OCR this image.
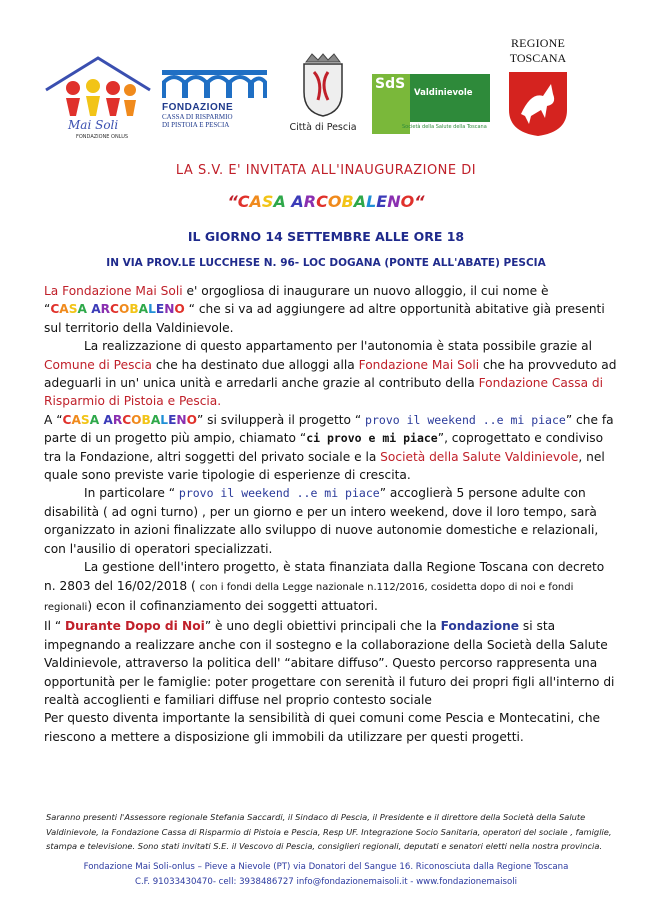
Mai Soli
FONDAZIONE ONLUS
FONDAZIONE
CASSA DI RISPARMIO
DI PISTOIA E PESCIA	Città di Pescia
SdS
Valdinievole
Società della Salute della Toscana
REGIONE
TOSCANA
LA S.V. E' INVITATA ALL'INAUGURAZIONE DI
“CASA ARCOBALENO“
IL GIORNO 14 SETTEMBRE ALLE ORE 18
IN VIA PROV.LE LUCCHESE N. 96- LOC DOGANA (PONTE ALL'ABATE) PESCIA

La Fondazione Mai Soli e' orgogliosa di inaugurare un nuovo alloggio, il cui nome è
“CASA ARCOBALENO “ che si va ad aggiungere ad altre opportunità abitative già presenti sul territorio della Valdinievole.

La realizzazione di questo appartamento per l'autonomia è stata possibile grazie al Comune di Pescia che ha destinato due alloggi alla Fondazione Mai Soli che ha provveduto ad adeguarli in un' unica unità e arredarli anche grazie al contributo della Fondazione Cassa di Risparmio di Pistoia e Pescia.

A “CASA ARCOBALENO” si svilupperà il progetto “ provo il weekend ..e mi piace” che fa parte di un progetto più ampio, chiamato “ci provo e mi piace”, coprogettato e condiviso tra la Fondazione, altri soggetti del privato sociale e la Società della Salute Valdinievole, nel quale sono previste varie tipologie di esperienze di crescita.

In particolare “ provo il weekend ..e mi piace” accoglierà 5 persone adulte con disabilità ( ad ogni turno) , per un giorno e per un intero weekend, dove il loro tempo, sarà organizzato in azioni finalizzate allo sviluppo di nuove autonomie domestiche e relazionali, con l'ausilio di operatori specializzati.

La gestione dell'intero progetto, è stata finanziata dalla Regione Toscana con decreto n. 2803 del 16/02/2018 ( con i fondi della Legge nazionale n.112/2016, cosidetta dopo di noi e fondi regionali) econ il cofinanziamento dei soggetti attuatori.

Il “ Durante Dopo di Noi” è uno degli obiettivi principali che la Fondazione si sta impegnando a realizzare anche con il sostegno e la collaborazione della Società della Salute Valdinievole, attraverso la politica dell' “abitare diffuso”. Questo percorso rappresenta una opportunità per le famiglie: poter progettare con serenità il futuro dei propri figli all'interno di realtà accoglienti e familiari diffuse nel proprio contesto sociale

Per questo diventa importante la sensibilità di quei comuni come Pescia e Montecatini, che riescono a mettere a disposizione gli immobili da utilizzare per questi progetti.

Saranno presenti l'Assessore regionale Stefania Saccardi, il Sindaco di Pescia, il Presidente e il direttore della Società della Salute Valdinievole, la Fondazione Cassa di Risparmio di Pistoia e Pescia, Resp UF. Integrazione Socio Sanitaria, operatori del sociale , famiglie, stampa e televisione. Sono stati invitati S.E. il Vescovo di Pescia, consiglieri regionali, deputati e senatori eletti nella nostra provincia.
Fondazione Mai Soli-onlus – Pieve a Nievole (PT) via Donatori del Sangue 16. Riconosciuta dalla Regione Toscana
C.F. 91033430470- cell: 3938486727 info@fondazionemaisoli.it - www.fondazionemaisoli
